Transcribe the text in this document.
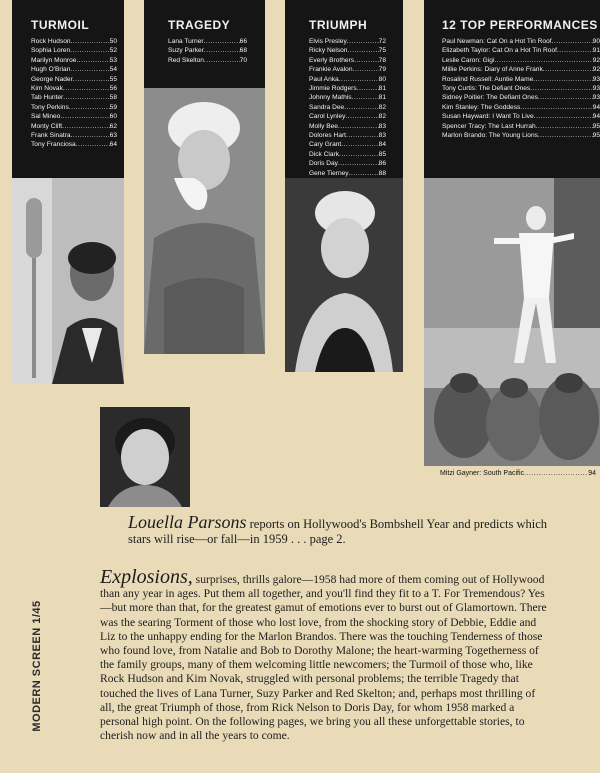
TURMOIL
Rock Hudson .....	50
Sophia Loren .....	52
Marilyn Monroe .....	53
Hugh O'Brian .....	54
George Nader .....	55
Kim Novak .....	56
Tab Hunter .....	58
Tony Perkins .....	59
Sal Mineo .....	60
Monty Clift .....	62
Frank Sinatra .....	63
Tony Franciosa .....	64
TRAGEDY
Lana Turner .....	66
Suzy Parker .....	68
Red Skelton .....	70
TRIUMPH
Elvis Presley .....	72
Ricky Nelson .....	75
Everly Brothers .....	78
Frankie Avalon .....	79
Paul Anka .....	80
Jimmie Rodgers .....	81
Johnny Mathis .....	81
Sandra Dee .....	82
Carol Lynley .....	82
Molly Bee .....	83
Dolores Hart .....	83
Cary Grant .....	84
Dick Clark .....	85
Doris Day .....	86
Gene Tierney .....	88
12 TOP PERFORMANCES
Paul Newman: Cat On a Hot Tin Roof .....	90
Elizabeth Taylor: Cat On a Hot Tin Roof .....	91
Leslie Caron: Gigi .....	92
Millie Perkins: Diary of Anne Frank .....	92
Rosalind Russell: Auntie Mame .....	93
Tony Curtis: The Defiant Ones .....	93
Sidney Poitier: The Defiant Ones .....	93
Kim Stanley: The Goddess .....	94
Susan Hayward: I Want To Live .....	94
Spencer Tracy: The Last Hurrah .....	95
Marlon Brando: The Young Lions .....	95
Mitzi Gayner: South Pacific .....	94
Louella Parsons reports on Hollywood's Bombshell Year and predicts which stars will rise—or fall—in 1959 . . . page 2.
Explosions, surprises, thrills galore—1958 had more of them coming out of Hollywood than any year in ages. Put them all together, and you'll find they fit to a T. For Tremendous? Yes—but more than that, for the greatest gamut of emotions ever to burst out of Glamortown. There was the searing Torment of those who lost love, from the shocking story of Debbie, Eddie and Liz to the unhappy ending for the Marlon Brandos. There was the touching Tenderness of those who found love, from Natalie and Bob to Dorothy Malone; the heart-warming Togetherness of the family groups, many of them welcoming little newcomers; the Turmoil of those who, like Rock Hudson and Kim Novak, struggled with personal problems; the terrible Tragedy that touched the lives of Lana Turner, Suzy Parker and Red Skelton; and, perhaps most thrilling of all, the great Triumph of those, from Rick Nelson to Doris Day, for whom 1958 marked a personal high point. On the following pages, we bring you all these unforgettable stories, to cherish now and in all the years to come.
MODERN SCREEN 1/45
